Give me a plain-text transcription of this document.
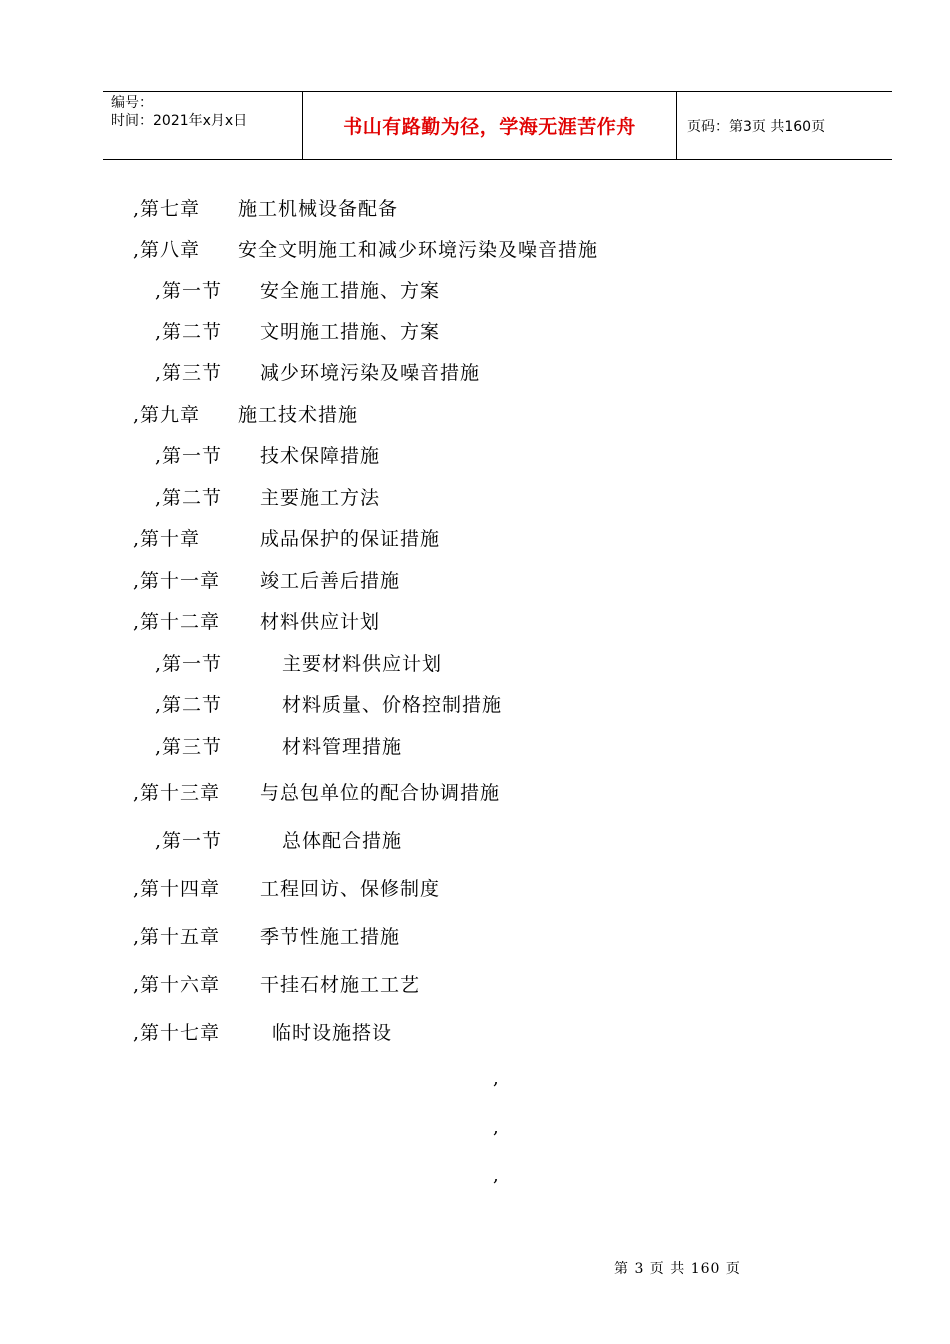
编号：
时间：2021年x月x日	书山有路勤为径，学海无涯苦作舟	页码：第3页 共160页
,第七章	施工机械设备配备
,第八章	安全文明施工和减少环境污染及噪音措施
,第一节	安全施工措施、方案
,第二节	文明施工措施、方案
,第三节	减少环境污染及噪音措施
,第九章	施工技术措施
,第一节	技术保障措施
,第二节	主要施工方法
,第十章	成品保护的保证措施
,第十一章	竣工后善后措施
,第十二章	材料供应计划
,第一节	主要材料供应计划
,第二节	材料质量、价格控制措施
,第三节	材料管理措施
,第十三章	与总包单位的配合协调措施
,第一节	总体配合措施
,第十四章	工程回访、保修制度
,第十五章	季节性施工措施
,第十六章	干挂石材施工工艺
,第十七章	临时设施搭设
,
,
,
第 3 页 共 160 页
